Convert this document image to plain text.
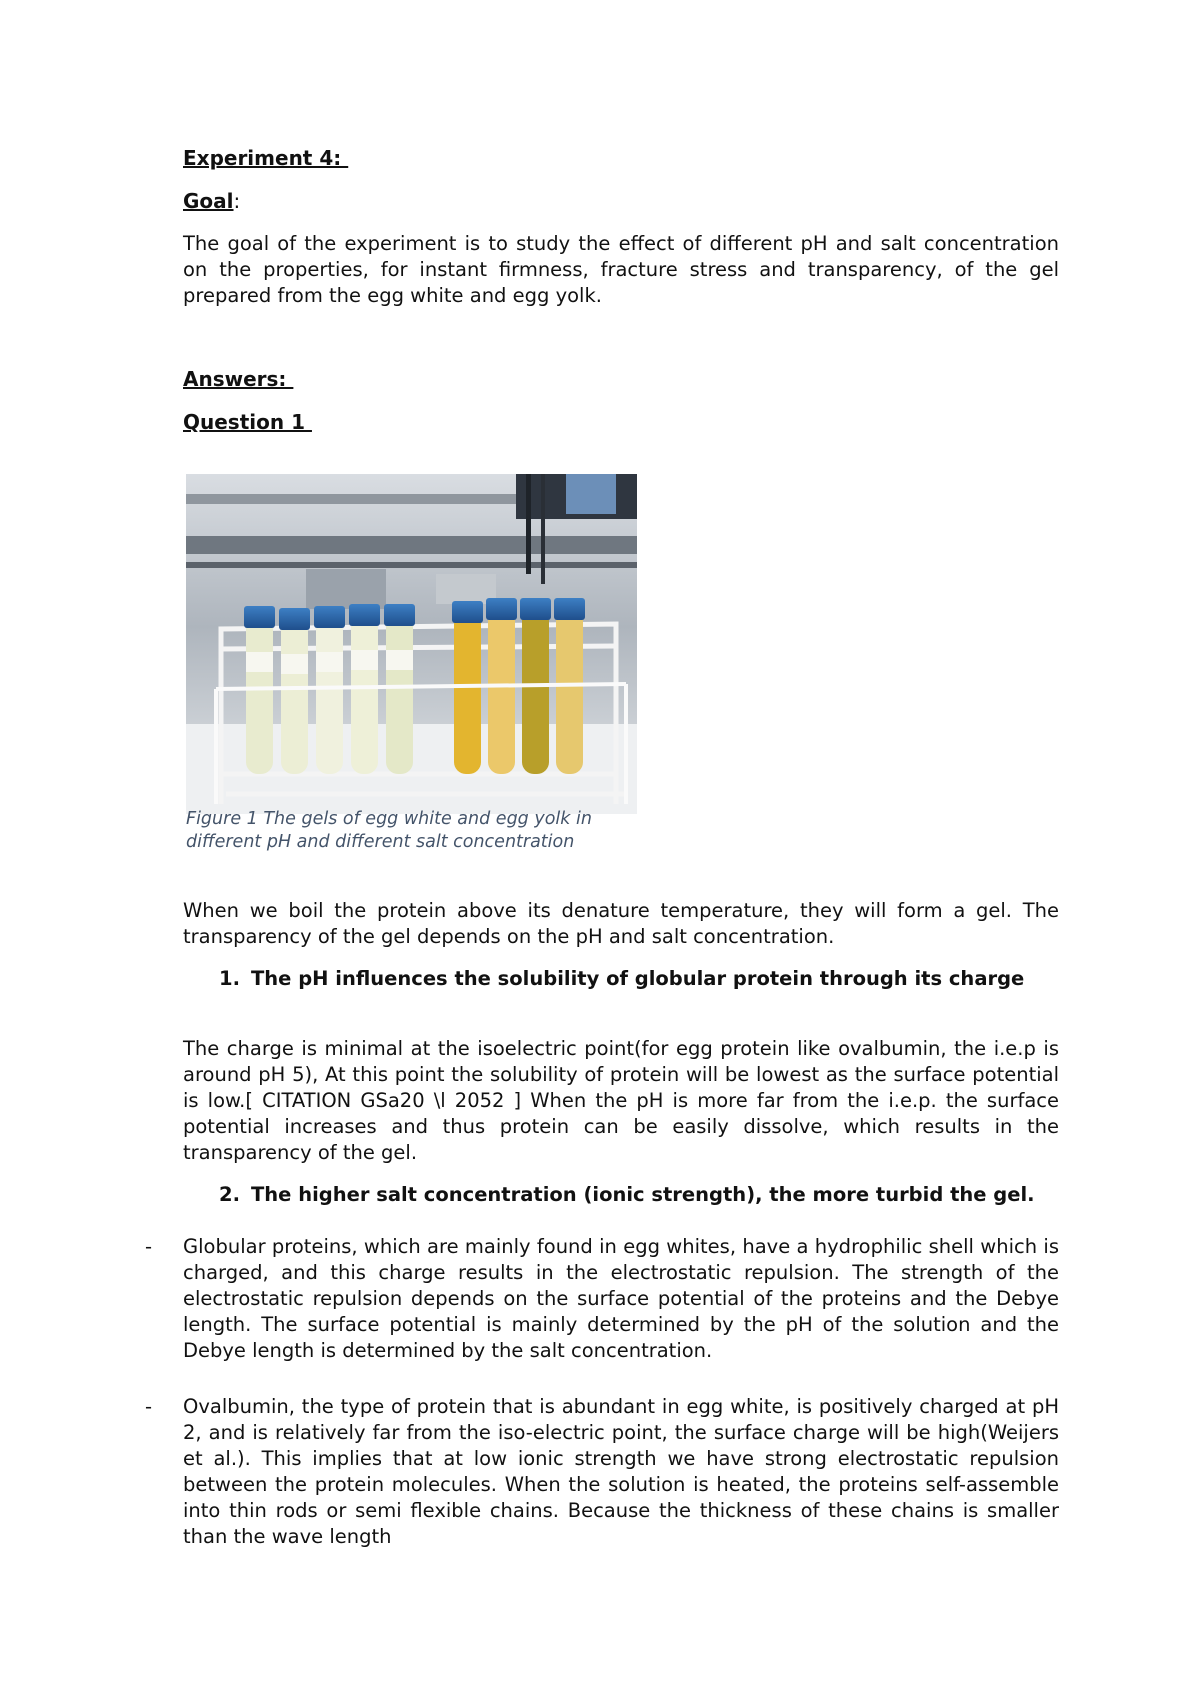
Experiment 4:
Goal:
The goal of the experiment is to study the effect of different pH and salt concentration on the properties, for instant firmness, fracture stress and transparency, of the gel prepared from the egg white and egg yolk.
Answers:
Question 1
Figure 1 The gels of egg white and egg yolk in different pH and different salt concentration
When we boil the protein above its denature temperature, they will form a gel. The transparency of the gel depends on the pH and salt concentration.
1. The pH influences the solubility of globular protein through its charge
The charge is minimal at the isoelectric point(for egg protein like ovalbumin, the i.e.p is around pH 5), At this point the solubility of protein will be lowest as the surface potential is low.[ CITATION GSa20 \l 2052 ] When the pH is more far from the i.e.p. the surface potential increases and thus protein can be easily dissolve, which results in the transparency of the gel.
2. The higher salt concentration (ionic strength), the more turbid the gel.
-	Globular proteins, which are mainly found in egg whites, have a hydrophilic shell which is charged, and this charge results in the electrostatic repulsion. The strength of the electrostatic repulsion depends on the surface potential of the proteins and the Debye length. The surface potential is mainly determined by the pH of the solution and the Debye length is determined by the salt concentration.
-	Ovalbumin, the type of protein that is abundant in egg white, is positively charged at pH 2, and is relatively far from the iso-electric point, the surface charge will be high(Weijers et al.). This implies that at low ionic strength we have strong electrostatic repulsion between the protein molecules. When the solution is heated, the proteins self-assemble into thin rods or semi flexible chains. Because the thickness of these chains is smaller than the wave length
